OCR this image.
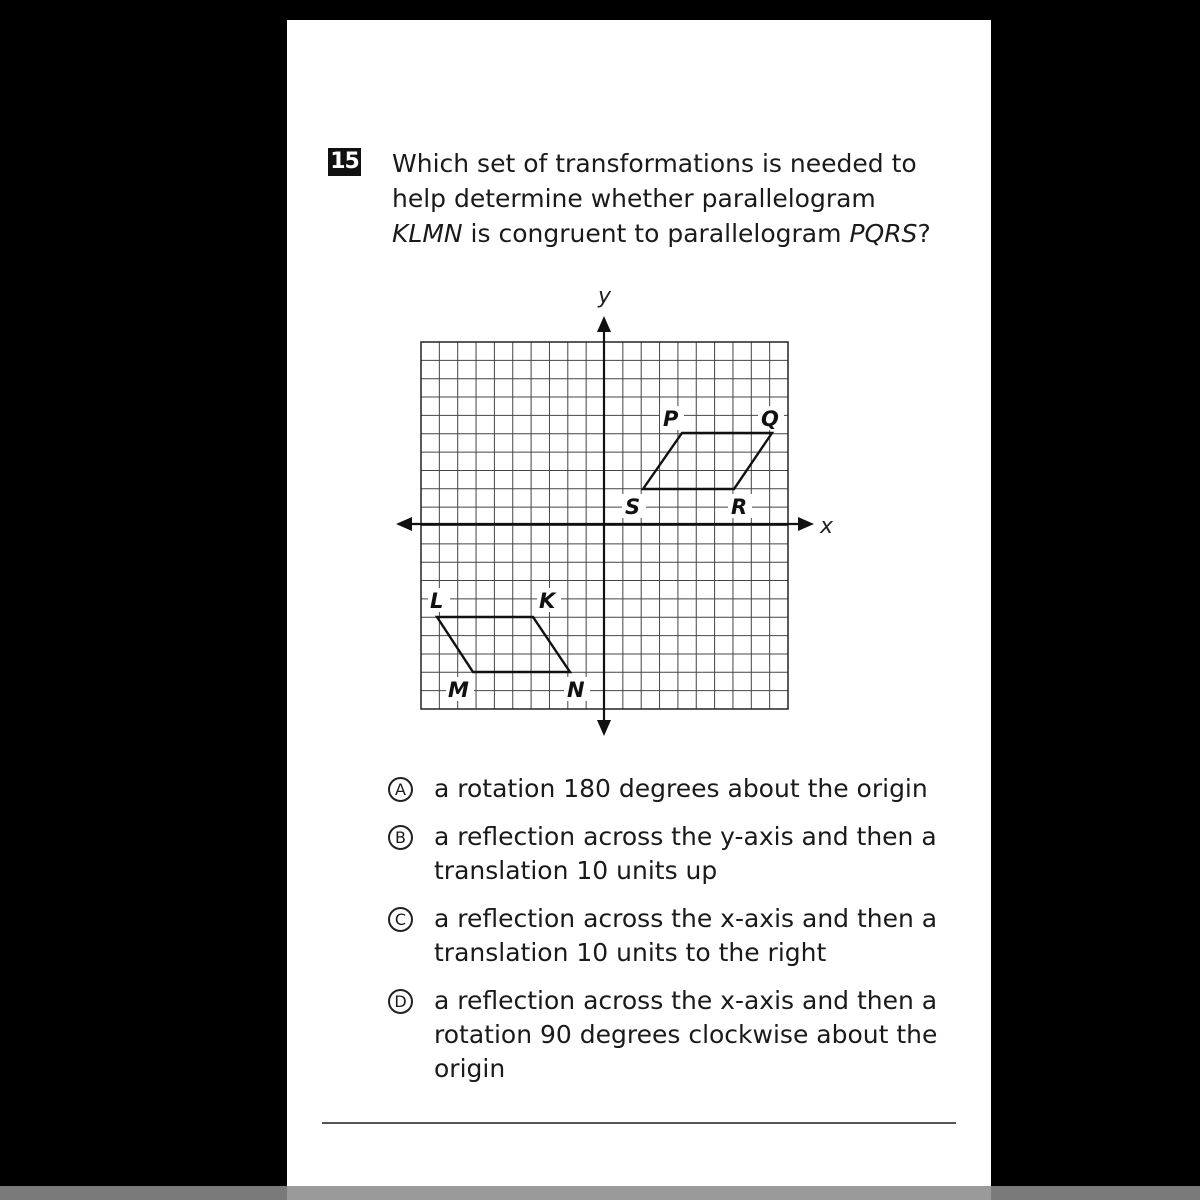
15 Which set of transformations is needed to
help determine whether parallelogram
KLMN is congruent to parallelogram PQRS?
y
x
P	Q
S	R
L	K
M	N
A a rotation 180 degrees about the origin
B a reflection across the y-axis and then a
translation 10 units up
C a reflection across the x-axis and then a
translation 10 units to the right
D a reflection across the x-axis and then a
rotation 90 degrees clockwise about the
origin
